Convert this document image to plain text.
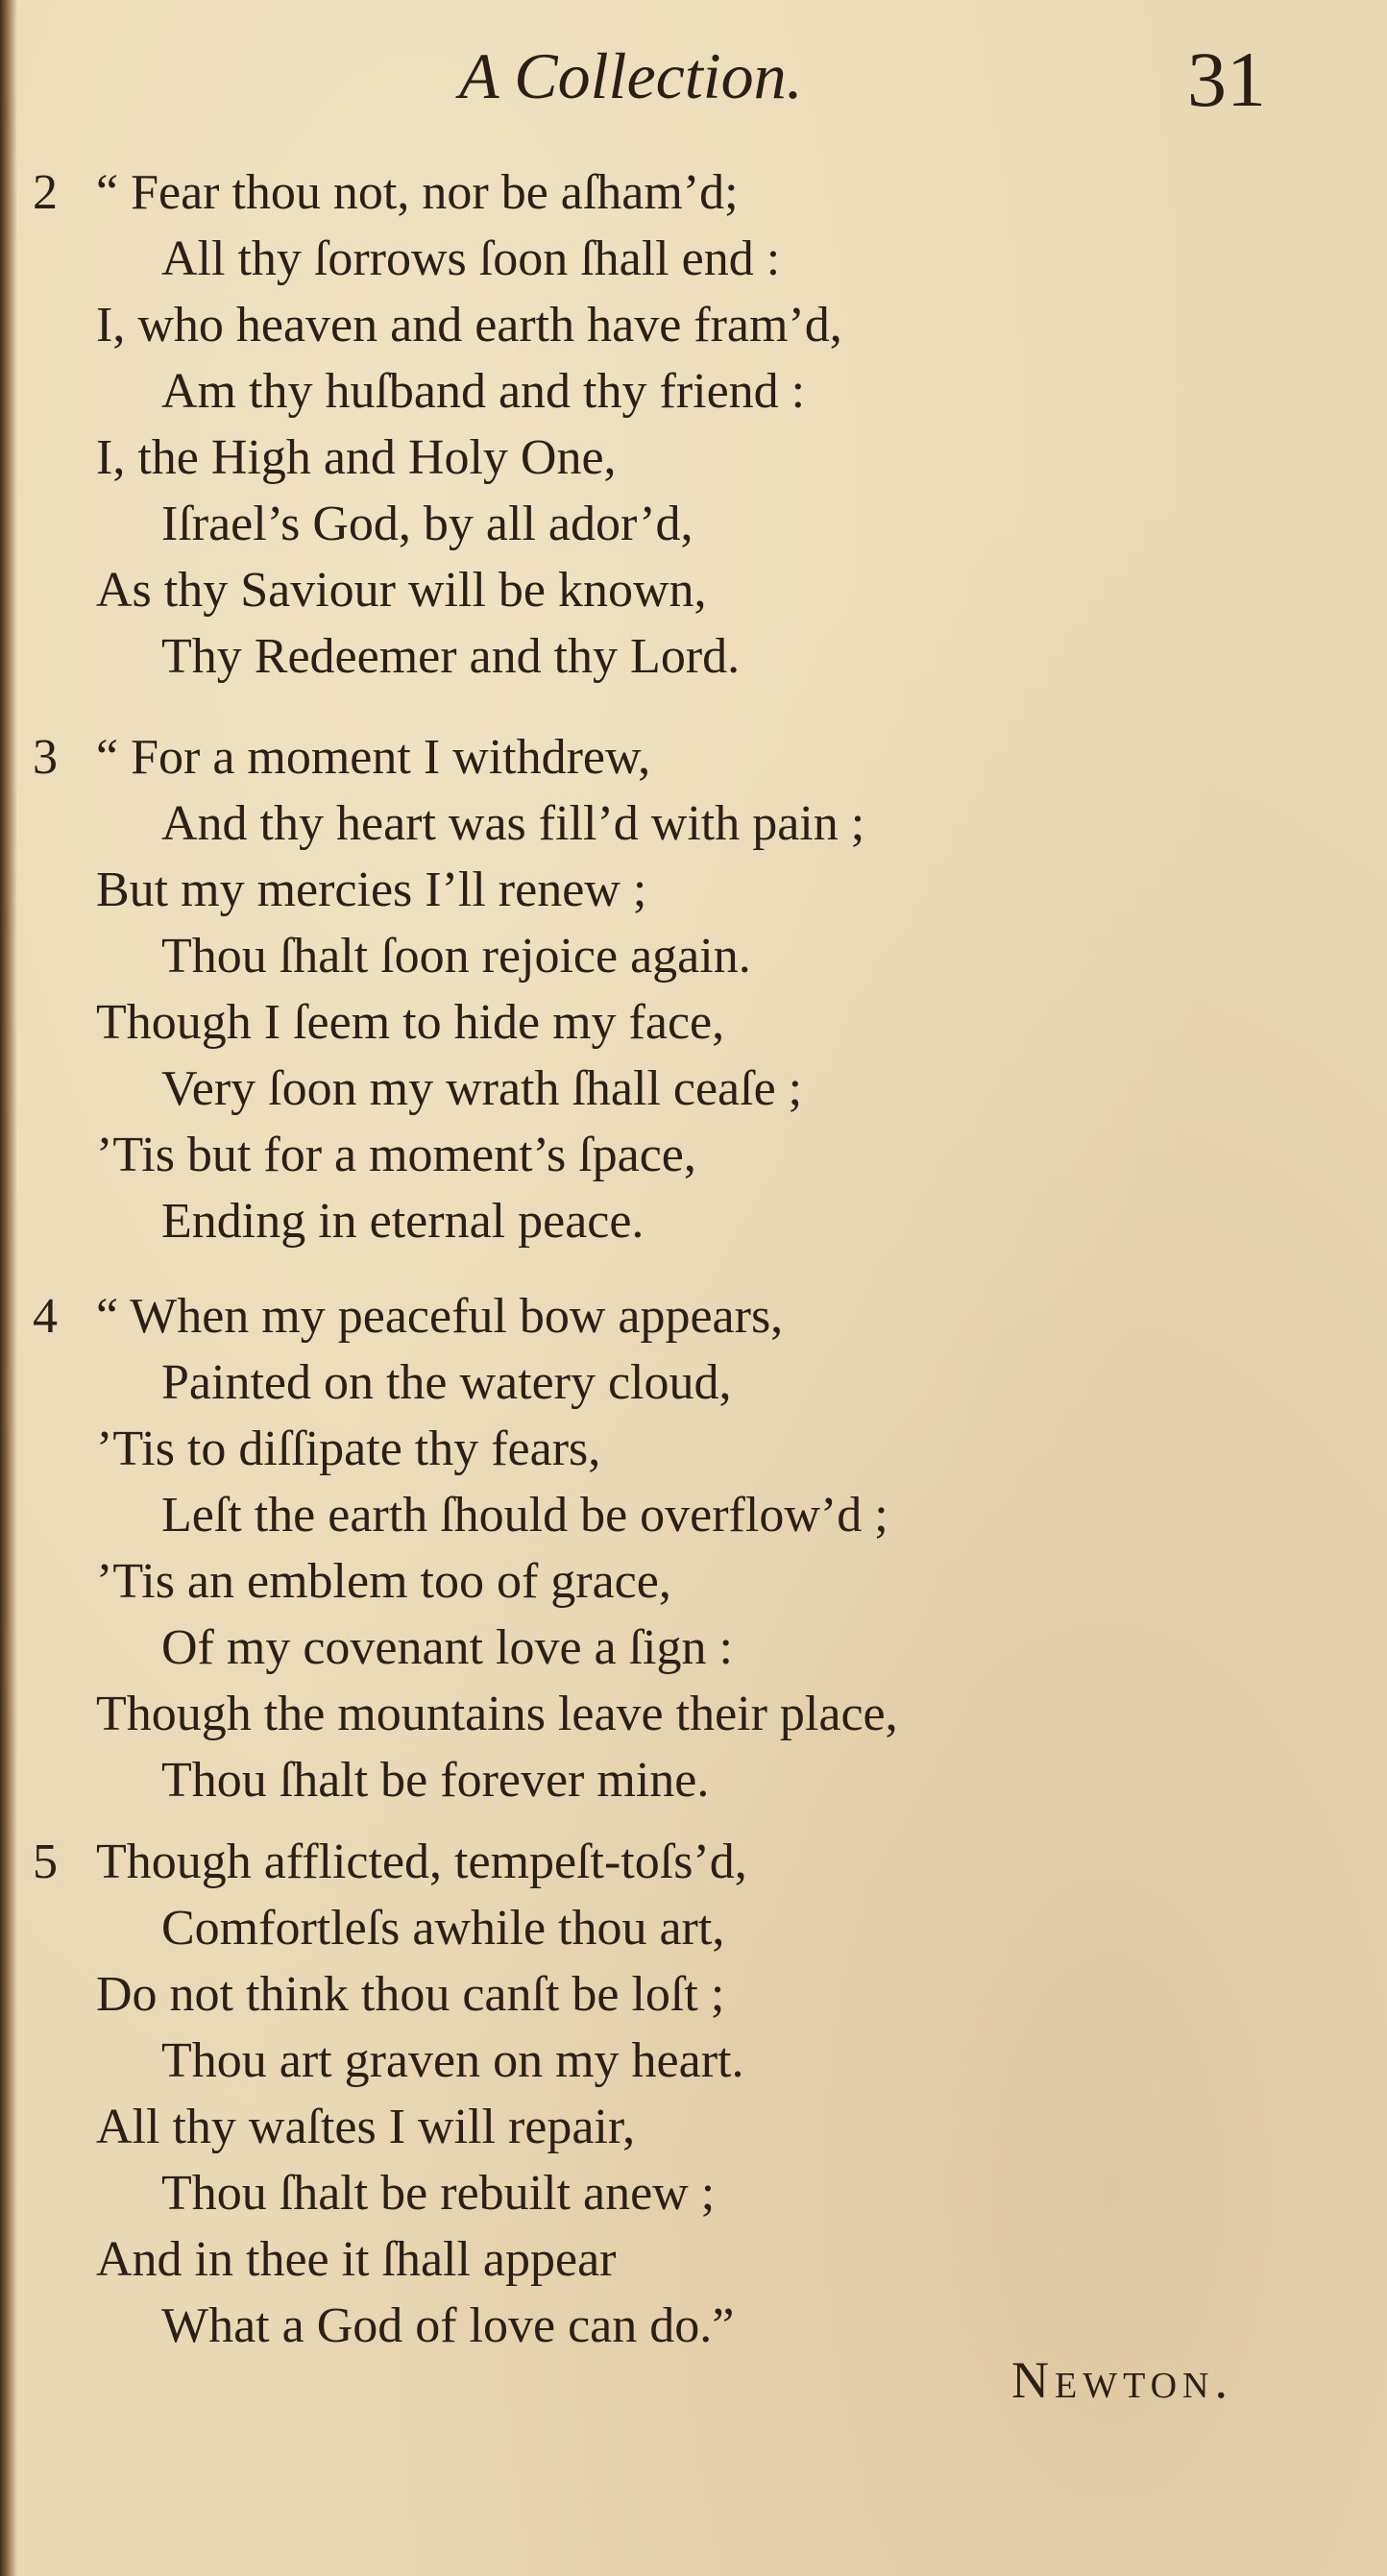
A Collection.	31
2 “ Fear thou not, nor be aſham’d;
All thy ſorrows ſoon ſhall end :
I, who heaven and earth have fram’d,
Am thy huſband and thy friend :
I, the High and Holy One,
Iſrael’s God, by all ador’d,
As thy Saviour will be known,
Thy Redeemer and thy Lord.
3 “ For a moment I withdrew,
And thy heart was fill’d with pain ;
But my mercies I’ll renew ;
Thou ſhalt ſoon rejoice again.
Though I ſeem to hide my face,
Very ſoon my wrath ſhall ceaſe ;
’Tis but for a moment’s ſpace,
Ending in eternal peace.
4 “ When my peaceful bow appears,
Painted on the watery cloud,
’Tis to diſſipate thy fears,
Leſt the earth ſhould be overflow’d ;
’Tis an emblem too of grace,
Of my covenant love a ſign :
Though the mountains leave their place,
Thou ſhalt be forever mine.
5 Though afflicted, tempeſt-toſs’d,
Comfortleſs awhile thou art,
Do not think thou canſt be loſt ;
Thou art graven on my heart.
All thy waſtes I will repair,
Thou ſhalt be rebuilt anew ;
And in thee it ſhall appear
What a God of love can do.”
Newton.
